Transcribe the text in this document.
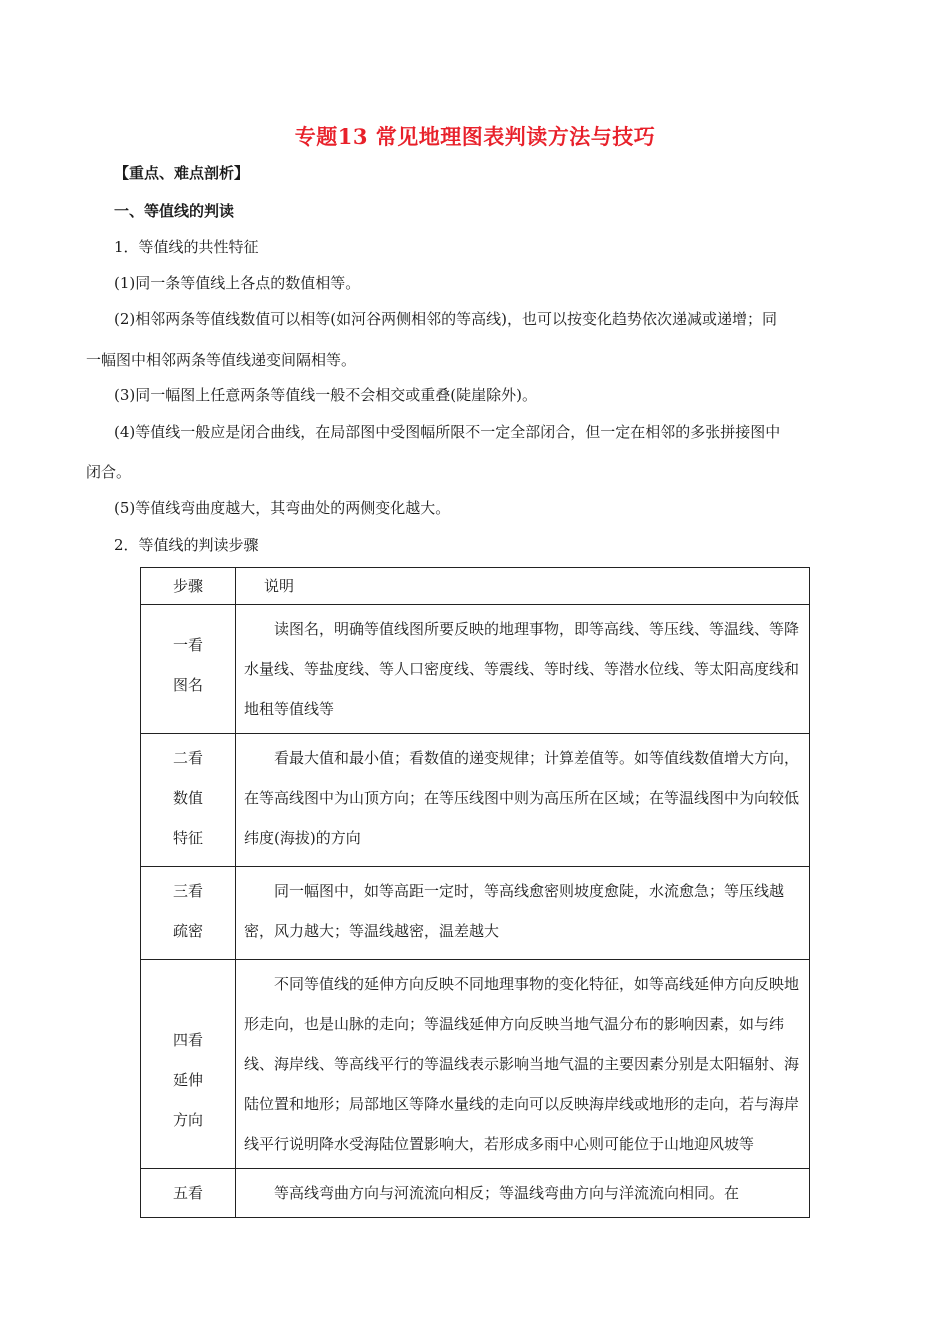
专题13 常见地理图表判读方法与技巧
【重点、难点剖析】
一、等值线的判读
1．等值线的共性特征
(1)同一条等值线上各点的数值相等。
(2)相邻两条等值线数值可以相等(如河谷两侧相邻的等高线)，也可以按变化趋势依次递减或递增；同
一幅图中相邻两条等值线递变间隔相等。
(3)同一幅图上任意两条等值线一般不会相交或重叠(陡崖除外)。
(4)等值线一般应是闭合曲线，在局部图中受图幅所限不一定全部闭合，但一定在相邻的多张拼接图中
闭合。
(5)等值线弯曲度越大，其弯曲处的两侧变化越大。
2．等值线的判读步骤
步骤	说明

一看
图名	读图名，明确等值线图所要反映的地理事物，即等高线、等压线、等温线、等降水量线、等盐度线、等人口密度线、等震线、等时线、等潜水位线、等太阳高度线和地租等值线等

二看
数值
特征	看最大值和最小值；看数值的递变规律；计算差值等。如等值线数值增大方向，在等高线图中为山顶方向；在等压线图中则为高压所在区域；在等温线图中为向较低纬度(海拔)的方向

三看
疏密	同一幅图中，如等高距一定时，等高线愈密则坡度愈陡，水流愈急；等压线越密，风力越大；等温线越密，温差越大

四看
延伸
方向	不同等值线的延伸方向反映不同地理事物的变化特征，如等高线延伸方向反映地形走向，也是山脉的走向；等温线延伸方向反映当地气温分布的影响因素，如与纬线、海岸线、等高线平行的等温线表示影响当地气温的主要因素分别是太阳辐射、海陆位置和地形；局部地区等降水量线的走向可以反映海岸线或地形的走向，若与海岸线平行说明降水受海陆位置影响大，若形成多雨中心则可能位于山地迎风坡等

五看	等高线弯曲方向与河流流向相反；等温线弯曲方向与洋流流向相同。在
